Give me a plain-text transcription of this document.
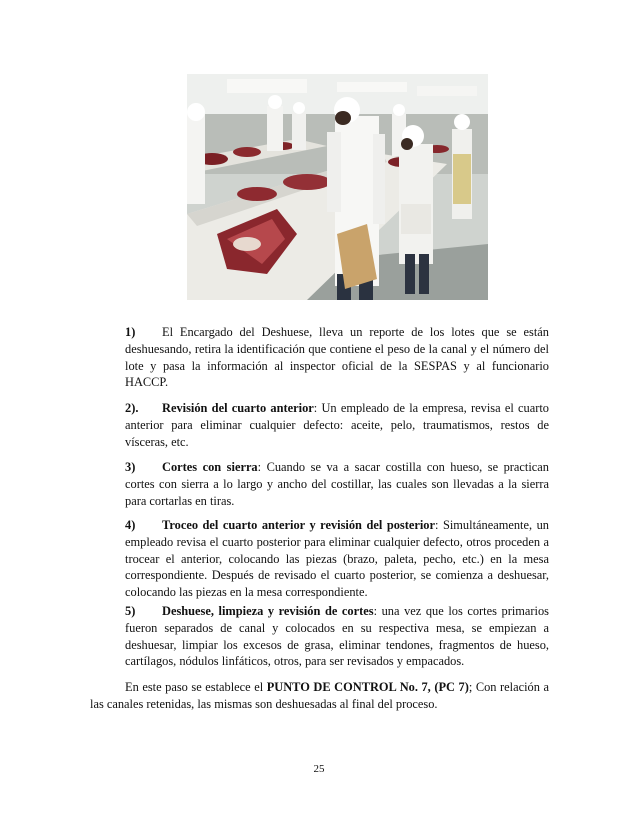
1) El Encargado del Deshuese, lleva un reporte de los lotes que se están deshuesando, retira la identificación que contiene el peso de la canal y el número del lote y pasa la información al inspector oficial de la SESPAS y al funcionario HACCP.

2). Revisión del cuarto anterior: Un empleado de la empresa, revisa el cuarto anterior para eliminar cualquier defecto: aceite, pelo, traumatismos, restos de vísceras, etc.

3) Cortes con sierra: Cuando se va a sacar costilla con hueso, se practican cortes con sierra a lo largo y ancho del costillar, las cuales son llevadas a la sierra para cortarlas en tiras.

4) Troceo del cuarto anterior y revisión del posterior: Simultáneamente, un empleado revisa el cuarto posterior para eliminar cualquier defecto, otros proceden a trocear el anterior, colocando las piezas (brazo, paleta, pecho, etc.) en la mesa correspondiente. Después de revisado el cuarto posterior, se comienza a deshuesar, colocando las piezas en la mesa correspondiente.

5) Deshuese, limpieza y revisión de cortes: una vez que los cortes primarios fueron separados de canal y colocados en su respectiva mesa, se empiezan a deshuesar, limpiar los excesos de grasa, eliminar tendones, fragmentos de hueso, cartílagos, nódulos linfáticos, otros, para ser revisados y empacados.

En este paso se establece el PUNTO DE CONTROL No. 7, (PC 7); Con relación a las canales retenidas, las mismas son deshuesadas al final del proceso.

25
